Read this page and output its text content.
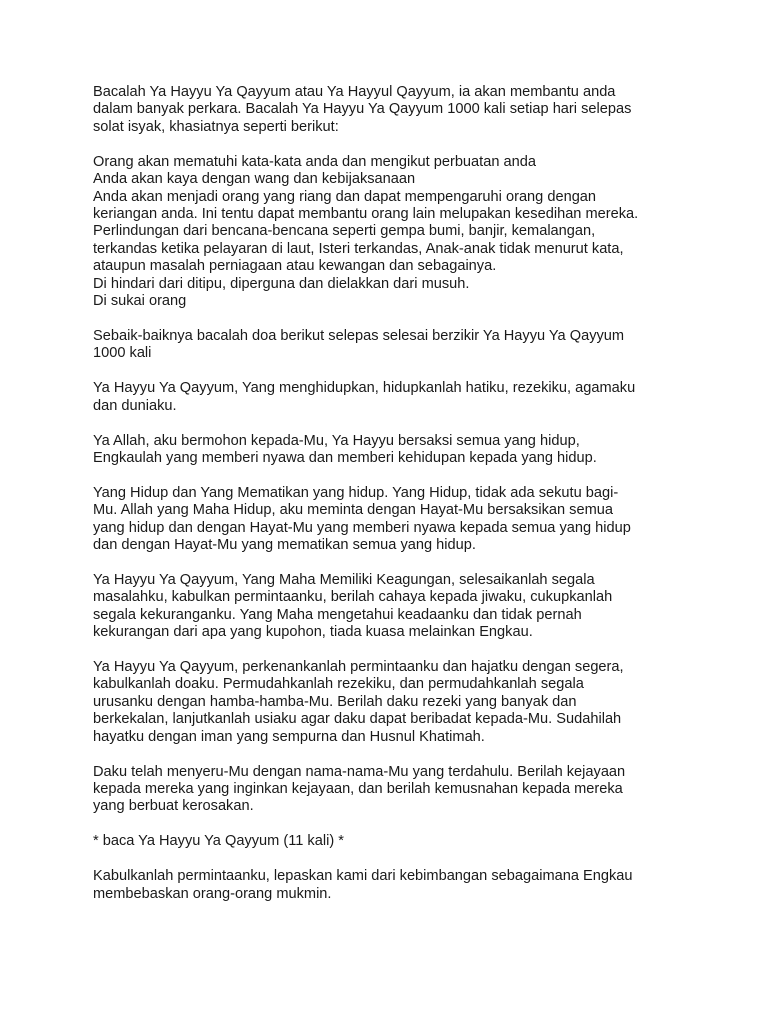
Bacalah Ya Hayyu Ya Qayyum atau Ya Hayyul Qayyum, ia akan membantu anda
dalam banyak perkara. Bacalah Ya Hayyu Ya Qayyum 1000 kali setiap hari selepas
solat isyak, khasiatnya seperti berikut:

Orang akan mematuhi kata-kata anda dan mengikut perbuatan anda
Anda akan kaya dengan wang dan kebijaksanaan
Anda akan menjadi orang yang riang dan dapat mempengaruhi orang dengan
keriangan anda. Ini tentu dapat membantu orang lain melupakan kesedihan mereka.
Perlindungan dari bencana-bencana seperti gempa bumi, banjir, kemalangan,
terkandas ketika pelayaran di laut, Isteri terkandas, Anak-anak tidak menurut kata,
ataupun masalah perniagaan atau kewangan dan sebagainya.
Di hindari dari ditipu, diperguna dan dielakkan dari musuh.
Di sukai orang

Sebaik-baiknya bacalah doa berikut selepas selesai berzikir Ya Hayyu Ya Qayyum
1000 kali

Ya Hayyu Ya Qayyum, Yang menghidupkan, hidupkanlah hatiku, rezekiku, agamaku
dan duniaku.

Ya Allah, aku bermohon kepada-Mu, Ya Hayyu bersaksi semua yang hidup,
Engkaulah yang memberi nyawa dan memberi kehidupan kepada yang hidup.

Yang Hidup dan Yang Mematikan yang hidup. Yang Hidup, tidak ada sekutu bagi-
Mu. Allah yang Maha Hidup, aku meminta dengan Hayat-Mu bersaksikan semua
yang hidup dan dengan Hayat-Mu yang memberi nyawa kepada semua yang hidup
dan dengan Hayat-Mu yang mematikan semua yang hidup.

Ya Hayyu Ya Qayyum, Yang Maha Memiliki Keagungan, selesaikanlah segala
masalahku, kabulkan permintaanku, berilah cahaya kepada jiwaku, cukupkanlah
segala kekuranganku. Yang Maha mengetahui keadaanku dan tidak pernah
kekurangan dari apa yang kupohon, tiada kuasa melainkan Engkau.

Ya Hayyu Ya Qayyum, perkenankanlah permintaanku dan hajatku dengan segera,
kabulkanlah doaku. Permudahkanlah rezekiku, dan permudahkanlah segala
urusanku dengan hamba-hamba-Mu. Berilah daku rezeki yang banyak dan
berkekalan, lanjutkanlah usiaku agar daku dapat beribadat kepada-Mu. Sudahilah
hayatku dengan iman yang sempurna dan Husnul Khatimah.

Daku telah menyeru-Mu dengan nama-nama-Mu yang terdahulu. Berilah kejayaan
kepada mereka yang inginkan kejayaan, dan berilah kemusnahan kepada mereka
yang berbuat kerosakan.

* baca Ya Hayyu Ya Qayyum (11 kali) *

Kabulkanlah permintaanku, lepaskan kami dari kebimbangan sebagaimana Engkau
membebaskan orang-orang mukmin.
